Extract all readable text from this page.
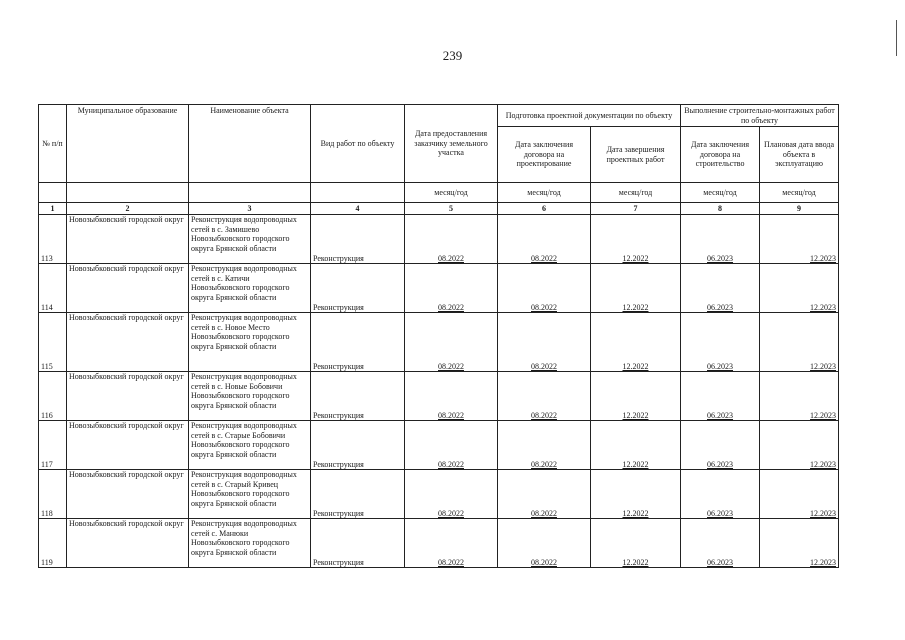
239
№ п/п	Муниципальное образование	Наименование объекта	Вид работ по объекту	Дата предоставления заказчику земельного участка	Подготовка проектной документации по объекту		Выполнение строительно-монтажных работ по объекту	
					Дата заключения договора на проектирование	Дата завершения проектных работ	Дата заключения договора на строительство	Плановая дата ввода объекта в эксплуатацию
				месяц/год	месяц/год	месяц/год	месяц/год	месяц/год
1	2	3	4	5	6	7	8	9
113	Новозыбковский городской округ	Реконструкция водопроводных сетей в с. Замишево Новозыбковского городского округа Брянской области	Реконструкция	08.2022	08.2022	12.2022	06.2023	12.2023
114	Новозыбковский городской округ	Реконструкция водопроводных сетей в с. Катичи Новозыбковского городского округа Брянской области	Реконструкция	08.2022	08.2022	12.2022	06.2023	12.2023
115	Новозыбковский городской округ	Реконструкция водопроводных сетей в с. Новое Место Новозыбковского городского округа Брянской области	Реконструкция	08.2022	08.2022	12.2022	06.2023	12.2023
116	Новозыбковский городской округ	Реконструкция водопроводных сетей в с. Новые Бобовичи Новозыбковского городского округа Брянской области	Реконструкция	08.2022	08.2022	12.2022	06.2023	12.2023
117	Новозыбковский городской округ	Реконструкция водопроводных сетей в с. Старые Бобовичи Новозыбковского городского округа Брянской области	Реконструкция	08.2022	08.2022	12.2022	06.2023	12.2023
118	Новозыбковский городской округ	Реконструкция водопроводных сетей в с. Старый Кривец Новозыбковского городского округа Брянской области	Реконструкция	08.2022	08.2022	12.2022	06.2023	12.2023
119	Новозыбковский городской округ	Реконструкция водопроводных сетей с. Манюки Новозыбковского городского округа Брянской области	Реконструкция	08.2022	08.2022	12.2022	06.2023	12.2023
